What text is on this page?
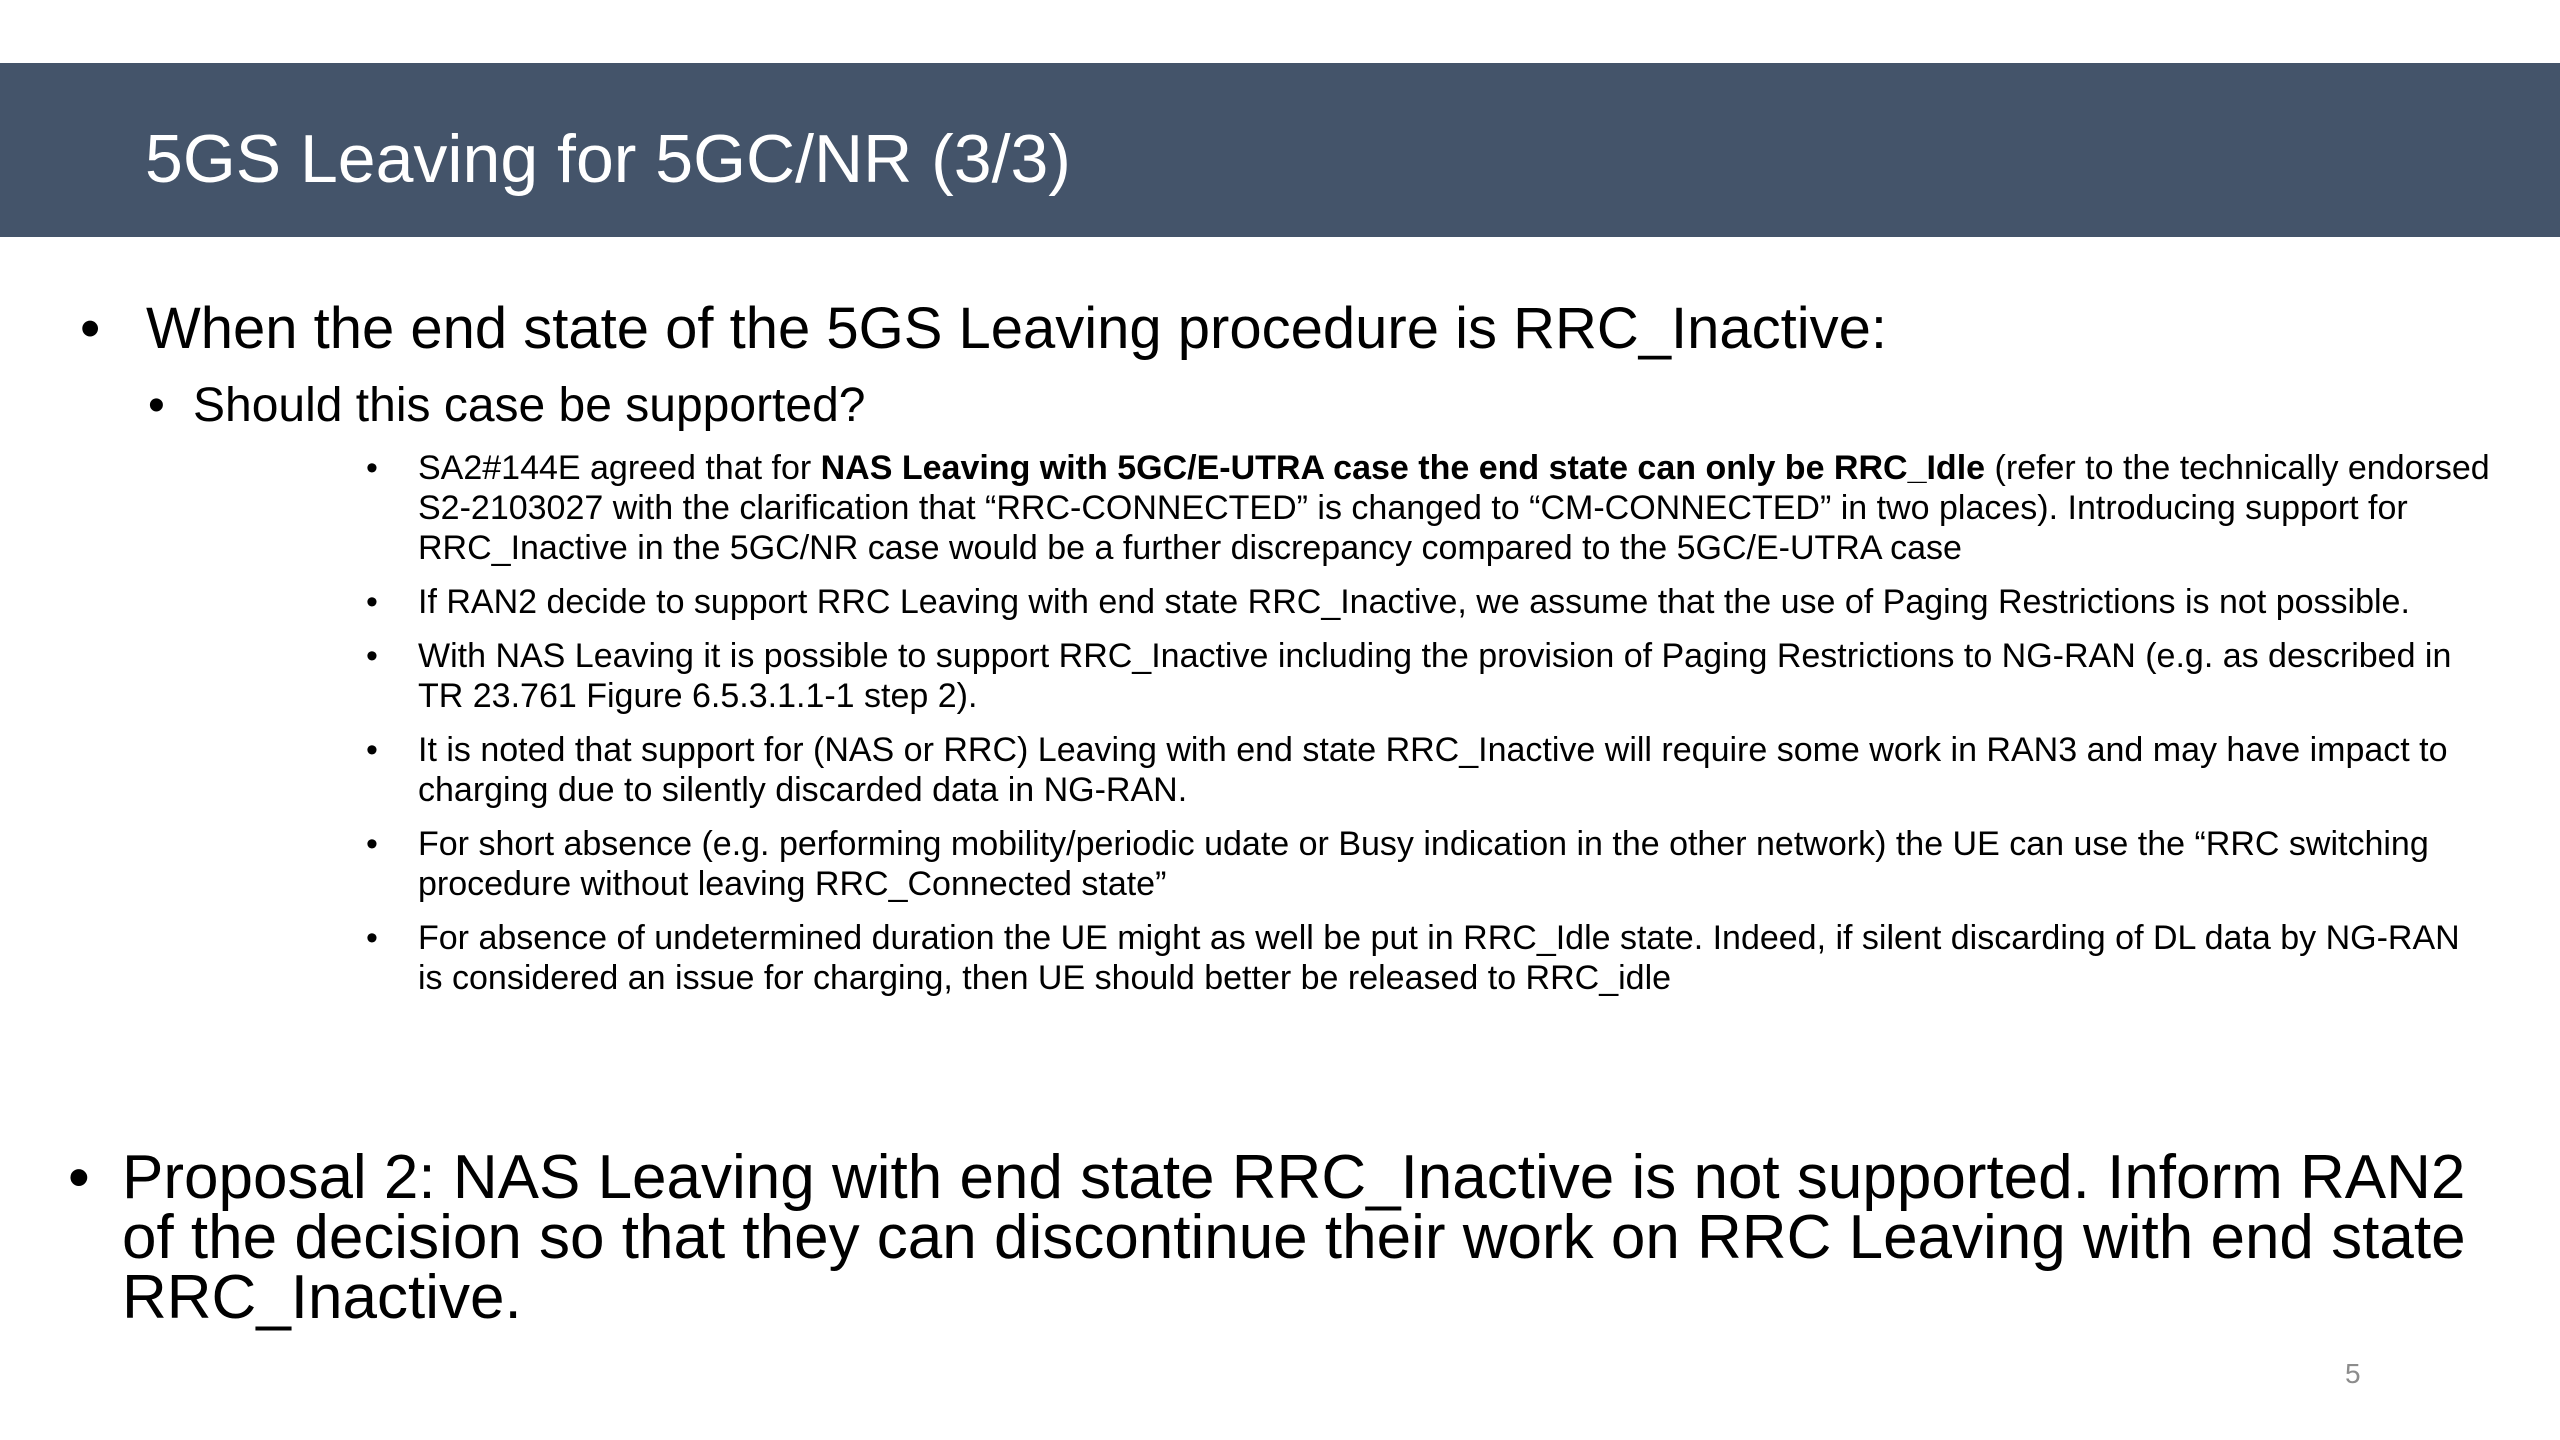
5GS Leaving for 5GC/NR (3/3)
• When the end state of the 5GS Leaving procedure is RRC_Inactive:
• Should this case be supported?
• SA2#144E agreed that for NAS Leaving with 5GC/E-UTRA case the end state can only be RRC_Idle (refer to the technically endorsed S2-2103027 with the clarification that “RRC-CONNECTED” is changed to “CM-CONNECTED” in two places). Introducing support for RRC_Inactive in the 5GC/NR case would be a further discrepancy compared to the 5GC/E-UTRA case
• If RAN2 decide to support RRC Leaving with end state RRC_Inactive, we assume that the use of Paging Restrictions is not possible.
• With NAS Leaving it is possible to support RRC_Inactive including the provision of Paging Restrictions to NG-RAN (e.g. as described in TR 23.761 Figure 6.5.3.1.1-1 step 2).
• It is noted that support for (NAS or RRC) Leaving with end state RRC_Inactive will require some work in RAN3 and may have impact to charging due to silently discarded data in NG-RAN.
• For short absence (e.g. performing mobility/periodic udate or Busy indication in the other network) the UE can use the “RRC switching procedure without leaving RRC_Connected state”
• For absence of undetermined duration the UE might as well be put in RRC_Idle state. Indeed, if silent discarding of DL data by NG-RAN is considered an issue for charging, then UE should better be released to RRC_idle
• Proposal 2: NAS Leaving with end state RRC_Inactive is not supported. Inform RAN2 of the decision so that they can discontinue their work on RRC Leaving with end state RRC_Inactive.
5
